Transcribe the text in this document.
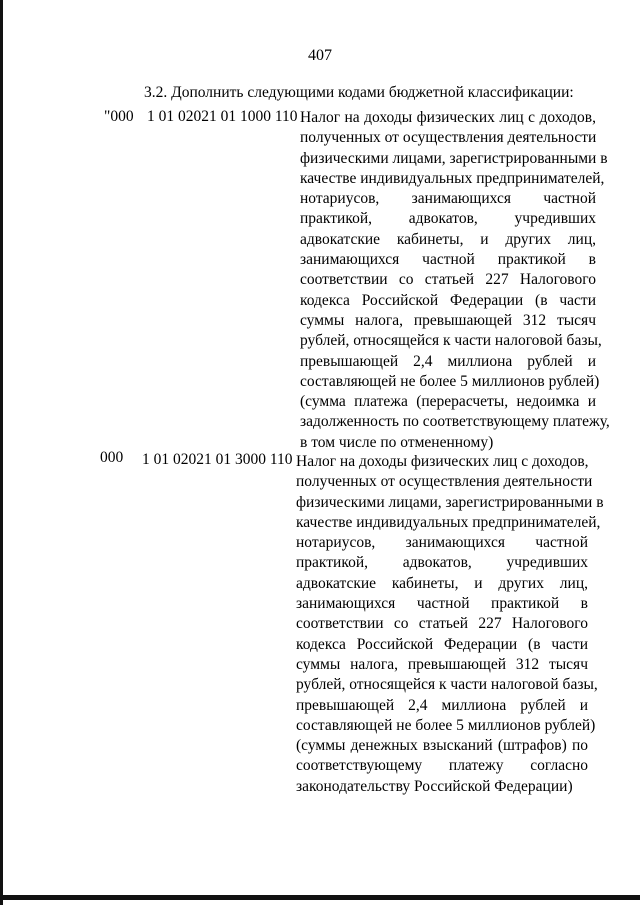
407
3.2. Дополнить следующими кодами бюджетной классификации:
"000 1 01 02021 01 1000 110 Налог на доходы физических лиц с доходов,
полученных от осуществления деятельности
физическими лицами, зарегистрированными в
качестве индивидуальных предпринимателей,
нотариусов, занимающихся частной
практикой, адвокатов, учредивших
адвокатские кабинеты, и других лиц,
занимающихся частной практикой в
соответствии со статьей 227 Налогового
кодекса Российской Федерации (в части
суммы налога, превышающей 312 тысяч
рублей, относящейся к части налоговой базы,
превышающей 2,4 миллиона рублей и
составляющей не более 5 миллионов рублей)
(сумма платежа (перерасчеты, недоимка и
задолженность по соответствующему платежу,
в том числе по отмененному)
000 1 01 02021 01 3000 110 Налог на доходы физических лиц с доходов,
полученных от осуществления деятельности
физическими лицами, зарегистрированными в
качестве индивидуальных предпринимателей,
нотариусов, занимающихся частной
практикой, адвокатов, учредивших
адвокатские кабинеты, и других лиц,
занимающихся частной практикой в
соответствии со статьей 227 Налогового
кодекса Российской Федерации (в части
суммы налога, превышающей 312 тысяч
рублей, относящейся к части налоговой базы,
превышающей 2,4 миллиона рублей и
составляющей не более 5 миллионов рублей)
(суммы денежных взысканий (штрафов) по
соответствующему платежу согласно
законодательству Российской Федерации)
